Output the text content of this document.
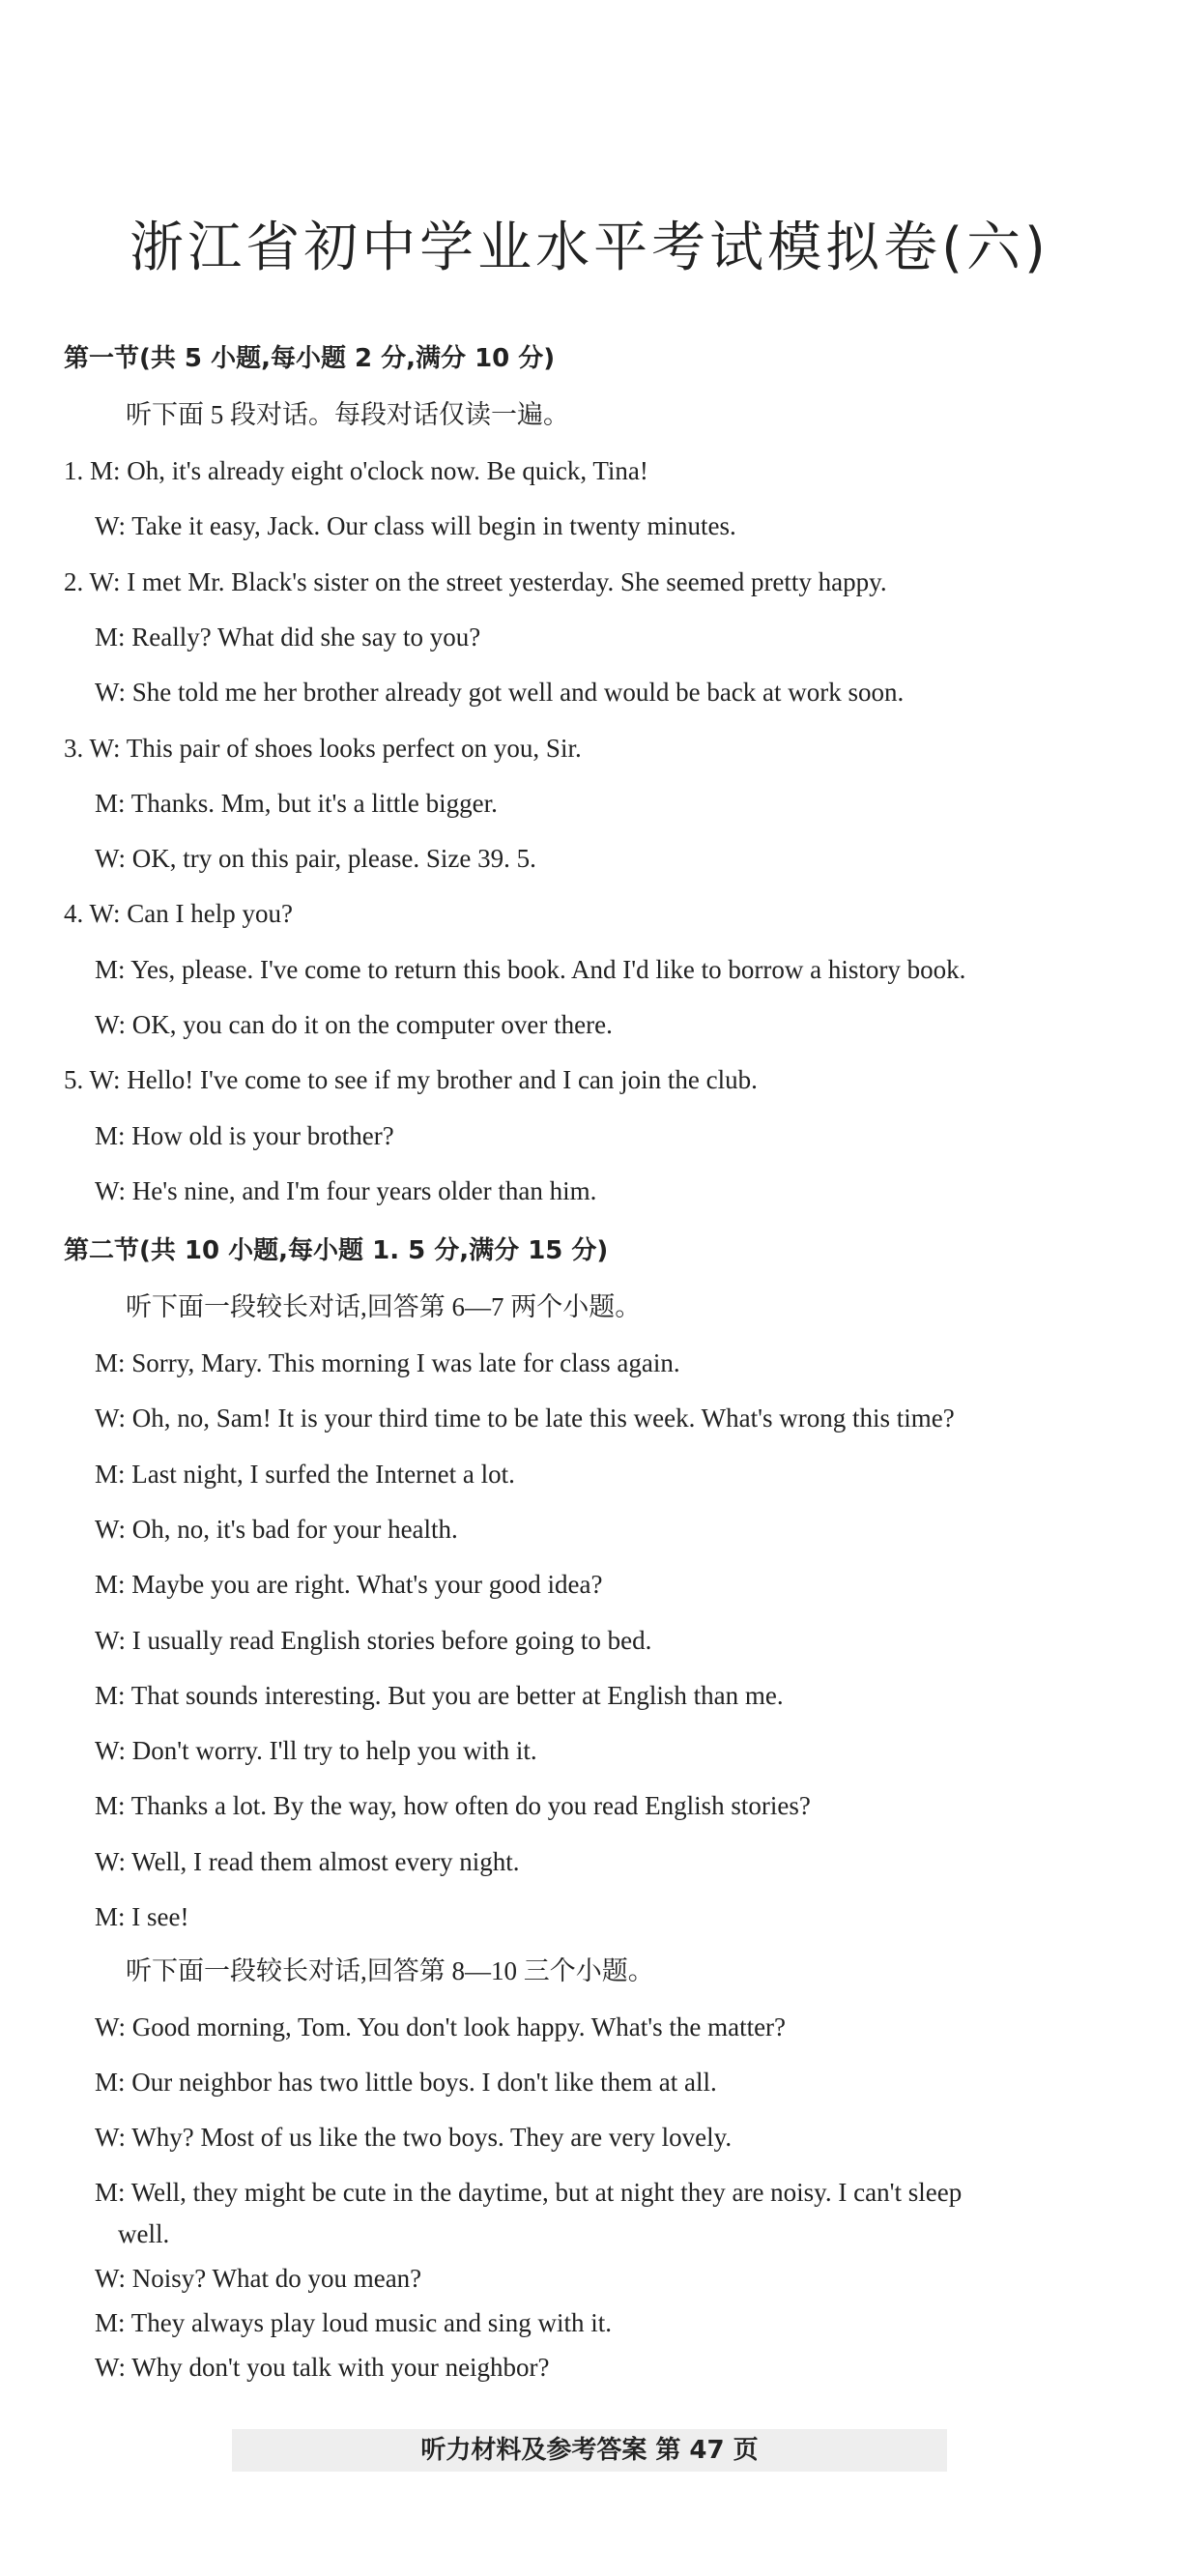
浙江省初中学业水平考试模拟卷(六)
第一节(共 5 小题,每小题 2 分,满分 10 分)
听下面 5 段对话。每段对话仅读一遍。
1. M: Oh, it's already eight o'clock now. Be quick, Tina!
W: Take it easy, Jack. Our class will begin in twenty minutes.
2. W: I met Mr. Black's sister on the street yesterday. She seemed pretty happy.
M: Really? What did she say to you?
W: She told me her brother already got well and would be back at work soon.
3. W: This pair of shoes looks perfect on you, Sir.
M: Thanks. Mm, but it's a little bigger.
W: OK, try on this pair, please. Size 39. 5.
4. W: Can I help you?
M: Yes, please. I've come to return this book. And I'd like to borrow a history book.
W: OK, you can do it on the computer over there.
5. W: Hello! I've come to see if my brother and I can join the club.
M: How old is your brother?
W: He's nine, and I'm four years older than him.
第二节(共 10 小题,每小题 1. 5 分,满分 15 分)
听下面一段较长对话,回答第 6—7 两个小题。
M: Sorry, Mary. This morning I was late for class again.
W: Oh, no, Sam! It is your third time to be late this week. What's wrong this time?
M: Last night, I surfed the Internet a lot.
W: Oh, no, it's bad for your health.
M: Maybe you are right. What's your good idea?
W: I usually read English stories before going to bed.
M: That sounds interesting. But you are better at English than me.
W: Don't worry. I'll try to help you with it.
M: Thanks a lot. By the way, how often do you read English stories?
W: Well, I read them almost every night.
M: I see!
听下面一段较长对话,回答第 8—10 三个小题。
W: Good morning, Tom. You don't look happy. What's the matter?
M: Our neighbor has two little boys. I don't like them at all.
W: Why? Most of us like the two boys. They are very lovely.
M: Well, they might be cute in the daytime, but at night they are noisy. I can't sleep
well.
W: Noisy? What do you mean?
M: They always play loud music and sing with it.
W: Why don't you talk with your neighbor?
听力材料及参考答案 第 47 页
